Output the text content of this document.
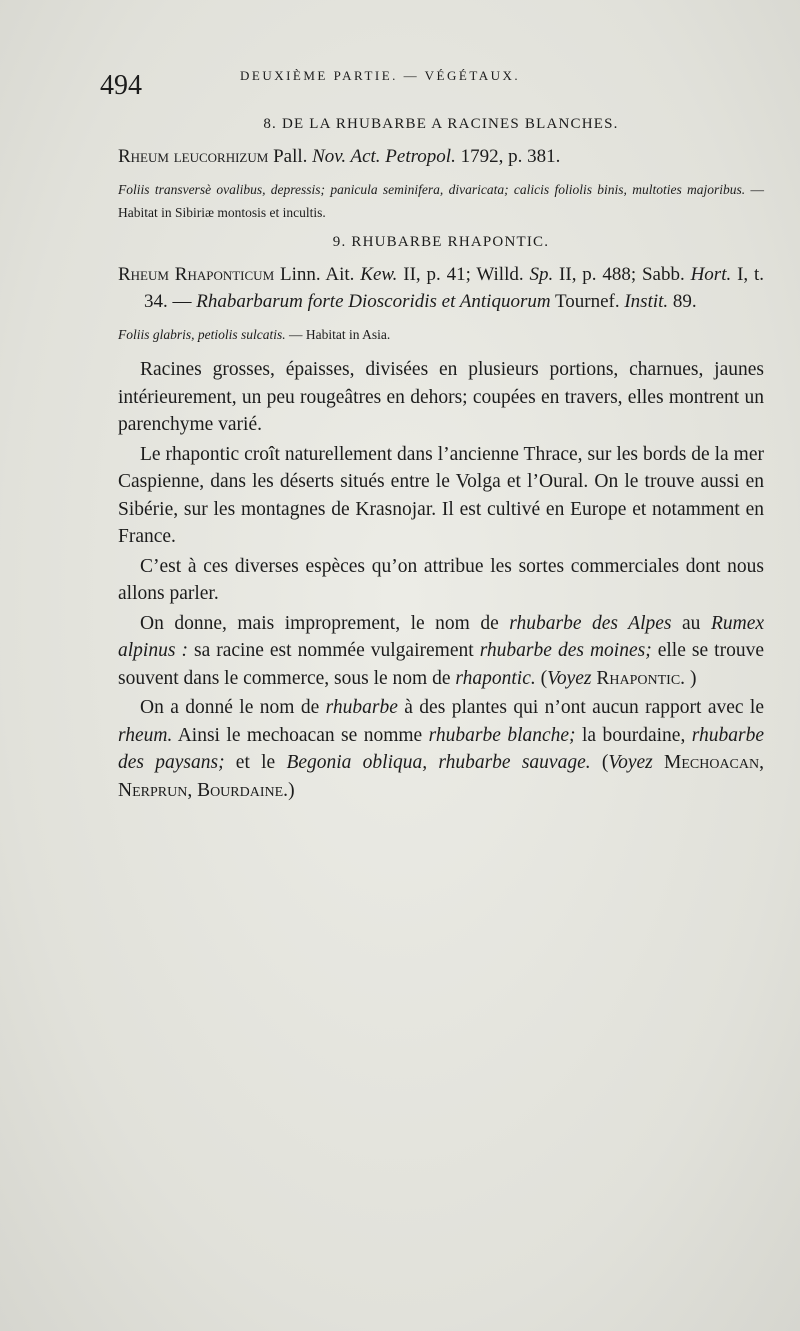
494	DEUXIÈME PARTIE. — VÉGÉTAUX.
8. DE LA RHUBARBE A RACINES BLANCHES.

Rheum leucorhizum Pall. Nov. Act. Petropol. 1792, p. 381.

Foliis transversè ovalibus, depressis; panicula seminifera, divaricata; calicis foliolis binis, multoties majoribus. — Habitat in Sibiriæ montosis et incultis.

9. RHUBARBE RHAPONTIC.

Rheum Rhaponticum Linn. Ait. Kew. II, p. 41; Willd. Sp. II, p. 488; Sabb. Hort. I, t. 34. — Rhabarbarum forte Dioscoridis et Antiquorum Tournef. Instit. 89.

Foliis glabris, petiolis sulcatis. — Habitat in Asia.

Racines grosses, épaisses, divisées en plusieurs portions, charnues, jaunes intérieurement, un peu rougeâtres en dehors; coupées en travers, elles montrent un parenchyme varié.

Le rhapontic croît naturellement dans l’ancienne Thrace, sur les bords de la mer Caspienne, dans les déserts situés entre le Volga et l’Oural. On le trouve aussi en Sibérie, sur les montagnes de Krasnojar. Il est cultivé en Europe et notamment en France.

C’est à ces diverses espèces qu’on attribue les sortes commerciales dont nous allons parler.

On donne, mais improprement, le nom de rhubarbe des Alpes au Rumex alpinus : sa racine est nommée vulgairement rhubarbe des moines; elle se trouve souvent dans le commerce, sous le nom de rhapontic. (Voyez Rhapontic. )

On a donné le nom de rhubarbe à des plantes qui n’ont aucun rapport avec le rheum. Ainsi le mechoacan se nomme rhubarbe blanche; la bourdaine, rhubarbe des paysans; et le Begonia obliqua, rhubarbe sauvage. (Voyez Mechoacan, Nerprun, Bourdaine.)
